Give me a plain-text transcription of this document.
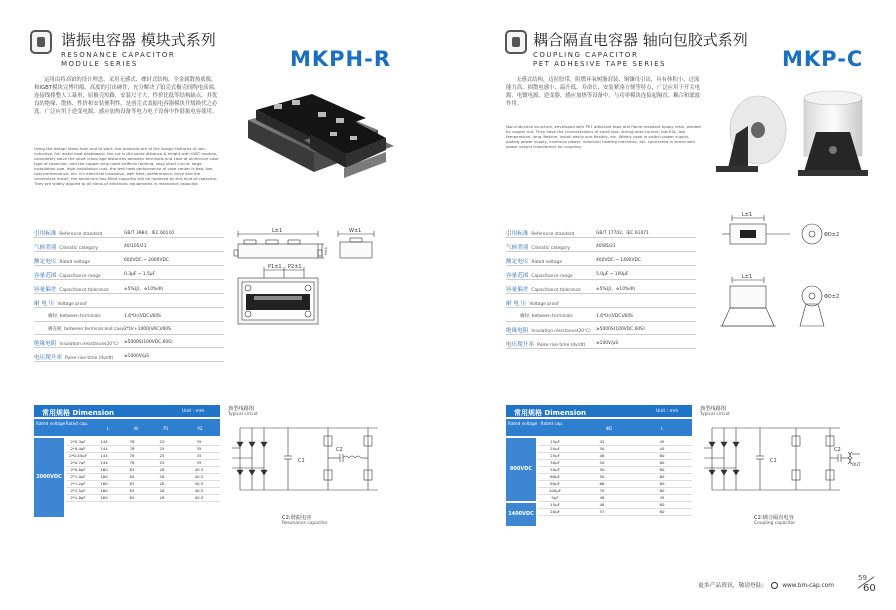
谐振电容器 模块式系列
RESONANCE CAPACITOR
MODULE SERIES	MKPH-R
运用由将高铂的设计理念，采用无感式、叠封式结构，全金属散热底板，和IGBT模块完博用船、高度的引出硬件，充分解决了铂壳式极壳间陶电高端，连接线排整人工暴形，原极壳短路，安装尺寸大，性价比低等结构缺点，其优良的绝缘、散热、性价和安装便利性，是创壳式盖振电容器模块升级换代之必选。广泛应用于逆变电源、感应加热设备等电力电子设备中作谐振电容使用。
Using the design ideas from end to start, the products are of the design features of non-inductive, full metal heat baseboard, the cut is the same distance & height with IGBT module, completely solve the short creep age distances between terminals and case of aluminum case type of capacitor, and the copper strip need artificial forming, easy short circuit, large installation size, high installation cost, the well heat performance of case center is bad, low cost performance, etc. It's electrical insulation, well heat, performance, price and the convenient install, the aluminum box filled capacitor will be replaced by this kind of capacitor. They are widely applied to all kinds of electronic equipments in resonance capacitor.
引用标准 Reference standard	GB/T 3984、IEC 60110
气候类别 Climatic category	40/105/21
额定电压 Rated voltage	600VDC ~ 2000VDC
容量范围 Capacitance range	0.3μF ~ 1.5μF
容量偏差 Capacitance tolerance	±5%(J)、±10%(K)
耐 电 压 Voltage proof
极间 between terminals	1.6*Ur(VDC)/60S
极壳间 between terminal and case 2*Ur+1000(VAC)/60S
绝缘电阻 Insulation resistance(20℃) ≥5000S(100VDC,60S)
电压爬升率 Pulse rise time (dv/dt) ≥1000V/μS
L±1	W±1
H±1
P1±1 P2±1
常用规格 Dimension	Unit : mm
Rated voltage Rated cap.
L	W	P1	P2
2000VDC
2*0.3μF	144	78	25	35
2*0.4μF	144	78	25	35
2*0.45μF	144	78	25	35
2*0.7μF	144	78	25	35
2*0.8μF	160	83	28	40.5
2*1.0μF	160	83	28	40.5
2*1.2μF	160	83	28	40.5
2*1.5μF	160	83	28	40.5
2*1.8μF	160	83	28	40.5
典型线路图
Typical circuit
C1
C2
C2:谐振电容
Resonance capacitor
耦合隔直电容器 轴向包胶式系列
COUPLING CAPACITOR
PET ADHESIVE TAPE SERIES	MKP-C
无感式结构，迈拉胶带，阻燃环氧树脂封装，铜镶母引出，具有体积小、过流能力高、损散电感小、温升低、寿命长、安装紧凑方便等特点，广泛应用于开关电源、电镀电源、逆变器、感应加热等设备中，与功率模块连接起隔直、耦合和滤波作用。
Non-inductive structure, enveloped with PET adhesive tape and flame-resistant epoxy resin, welded by copper nut. They have the characteristics of small size, strong over-current, low ESL, low temperature, long lifetime, install easily and flexibly, etc. Widely used in switch power supply, plating power supply, inversion power, induction heating machines, etc. connected in series with power output transformer for coupling.
引用标准 Reference standard	GB/T 17702、IEC 61071
气候类别 Climatic category	40/85/21
额定电压 Rated voltage	400VDC ~ 1400VDC
容量范围 Capacitance range	5.0μF ~ 100μF
容量偏差 Capacitance tolerance	±5%(J)、±10%(K)
耐 电 压 Voltage proof
极间 between terminals	1.6*Ur(VDC)/60S
绝缘电阻 Insulation resistance(20℃) ≥5000S(100VDC,60S)
电压爬升率 Pulse rise time (dv/dt) ≥100V/μS
L±1
L±1
ΦD±2
ΦD±2
常用规格 Dimension	Unit : mm
Rated voltage Rated cap.
ΦD	L
800VDC
1400VDC
15μF	42	45
20μF	50	45
25μF	48	60
30μF	50	60
50μF	50	60
60μF	50	60
80μF	66	60
100μF	70	60
5μF	48	45
15μF	48	60
20μF	57	60
典型线路图
Typical circuit
C1
C2
OUT
C2:耦合隔直电容
Coupling capacitor
更多产品资讯，敬请登陆：	www.bm-cap.com
59
60
